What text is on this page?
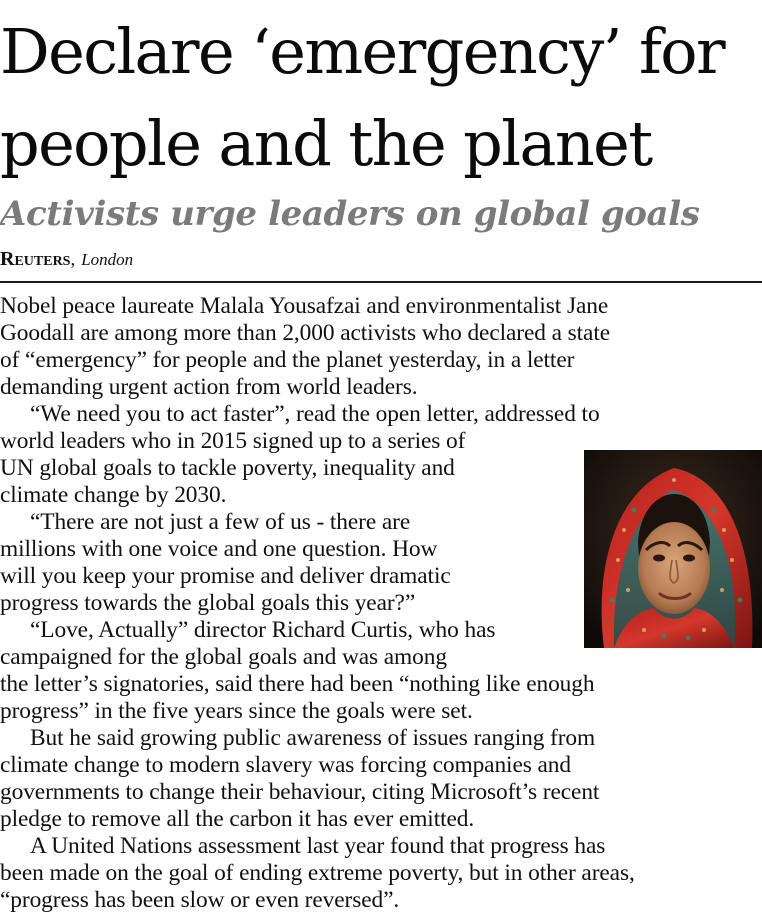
Declare ‘emergency’ for
people and the planet
Activists urge leaders on global goals
Reuters, London
Nobel peace laureate Malala Yousafzai and environmentalist Jane
Goodall are among more than 2,000 activists who declared a state
of “emergency” for people and the planet yesterday, in a letter
demanding urgent action from world leaders.
“We need you to act faster”, read the open letter, addressed to
world leaders who in 2015 signed up to a series of
UN global goals to tackle poverty, inequality and
climate change by 2030.
“There are not just a few of us - there are
millions with one voice and one question. How
will you keep your promise and deliver dramatic
progress towards the global goals this year?”
“Love, Actually” director Richard Curtis, who has
campaigned for the global goals and was among
the letter’s signatories, said there had been “nothing like enough
progress” in the five years since the goals were set.
But he said growing public awareness of issues ranging from
climate change to modern slavery was forcing companies and
governments to change their behaviour, citing Microsoft’s recent
pledge to remove all the carbon it has ever emitted.
A United Nations assessment last year found that progress has
been made on the goal of ending extreme poverty, but in other areas,
“progress has been slow or even reversed”.
